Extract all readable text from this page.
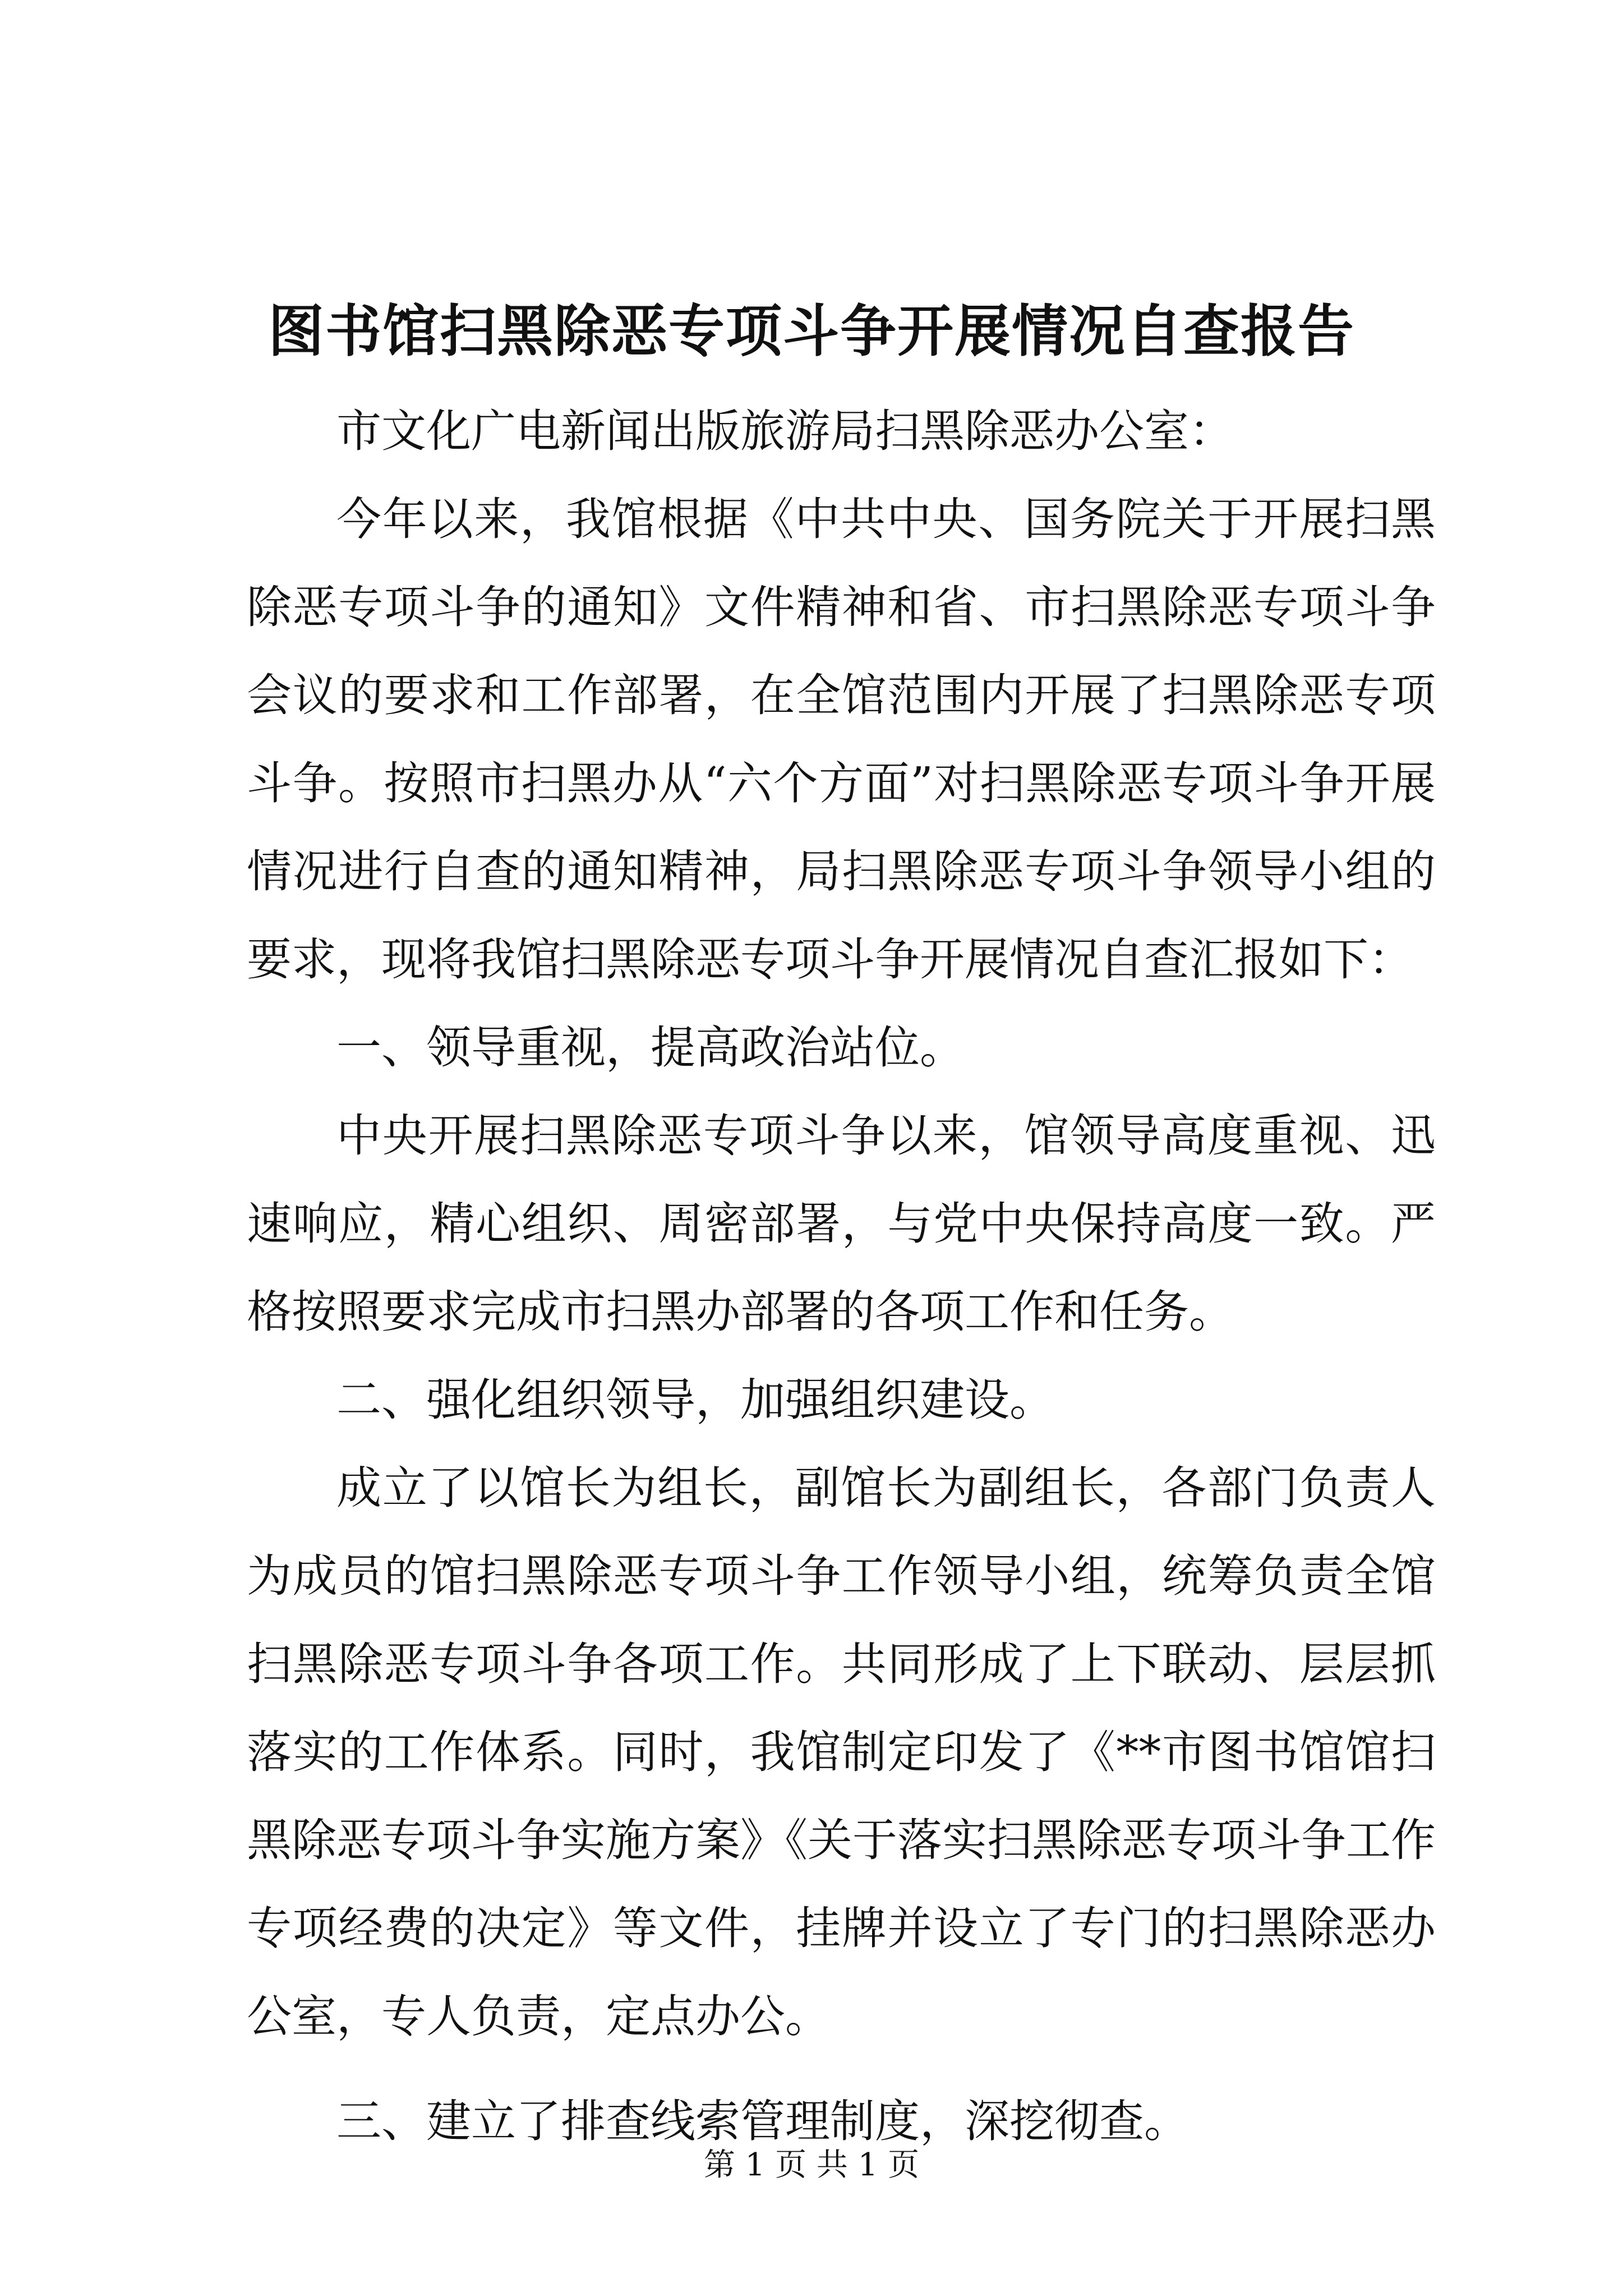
图书馆扫黑除恶专项斗争开展情况自查报告

市文化广电新闻出版旅游局扫黑除恶办公室：

今年以来，我馆根据《中共中央、国务院关于开展扫黑除恶专项斗争的通知》文件精神和省、市扫黑除恶专项斗争会议的要求和工作部署，在全馆范围内开展了扫黑除恶专项斗争。按照市扫黑办从“六个方面”对扫黑除恶专项斗争开展情况进行自查的通知精神，局扫黑除恶专项斗争领导小组的要求，现将我馆扫黑除恶专项斗争开展情况自查汇报如下：

一、领导重视，提高政治站位。

中央开展扫黑除恶专项斗争以来，馆领导高度重视、迅速响应，精心组织、周密部署，与党中央保持高度一致。严格按照要求完成市扫黑办部署的各项工作和任务。

二、强化组织领导，加强组织建设。

成立了以馆长为组长，副馆长为副组长，各部门负责人为成员的馆扫黑除恶专项斗争工作领导小组，统筹负责全馆扫黑除恶专项斗争各项工作。共同形成了上下联动、层层抓落实的工作体系。同时，我馆制定印发了《**市图书馆馆扫黑除恶专项斗争实施方案》《关于落实扫黑除恶专项斗争工作专项经费的决定》等文件，挂牌并设立了专门的扫黑除恶办公室，专人负责，定点办公。

三、建立了排查线索管理制度，深挖彻查。

第 1 页 共 1 页
